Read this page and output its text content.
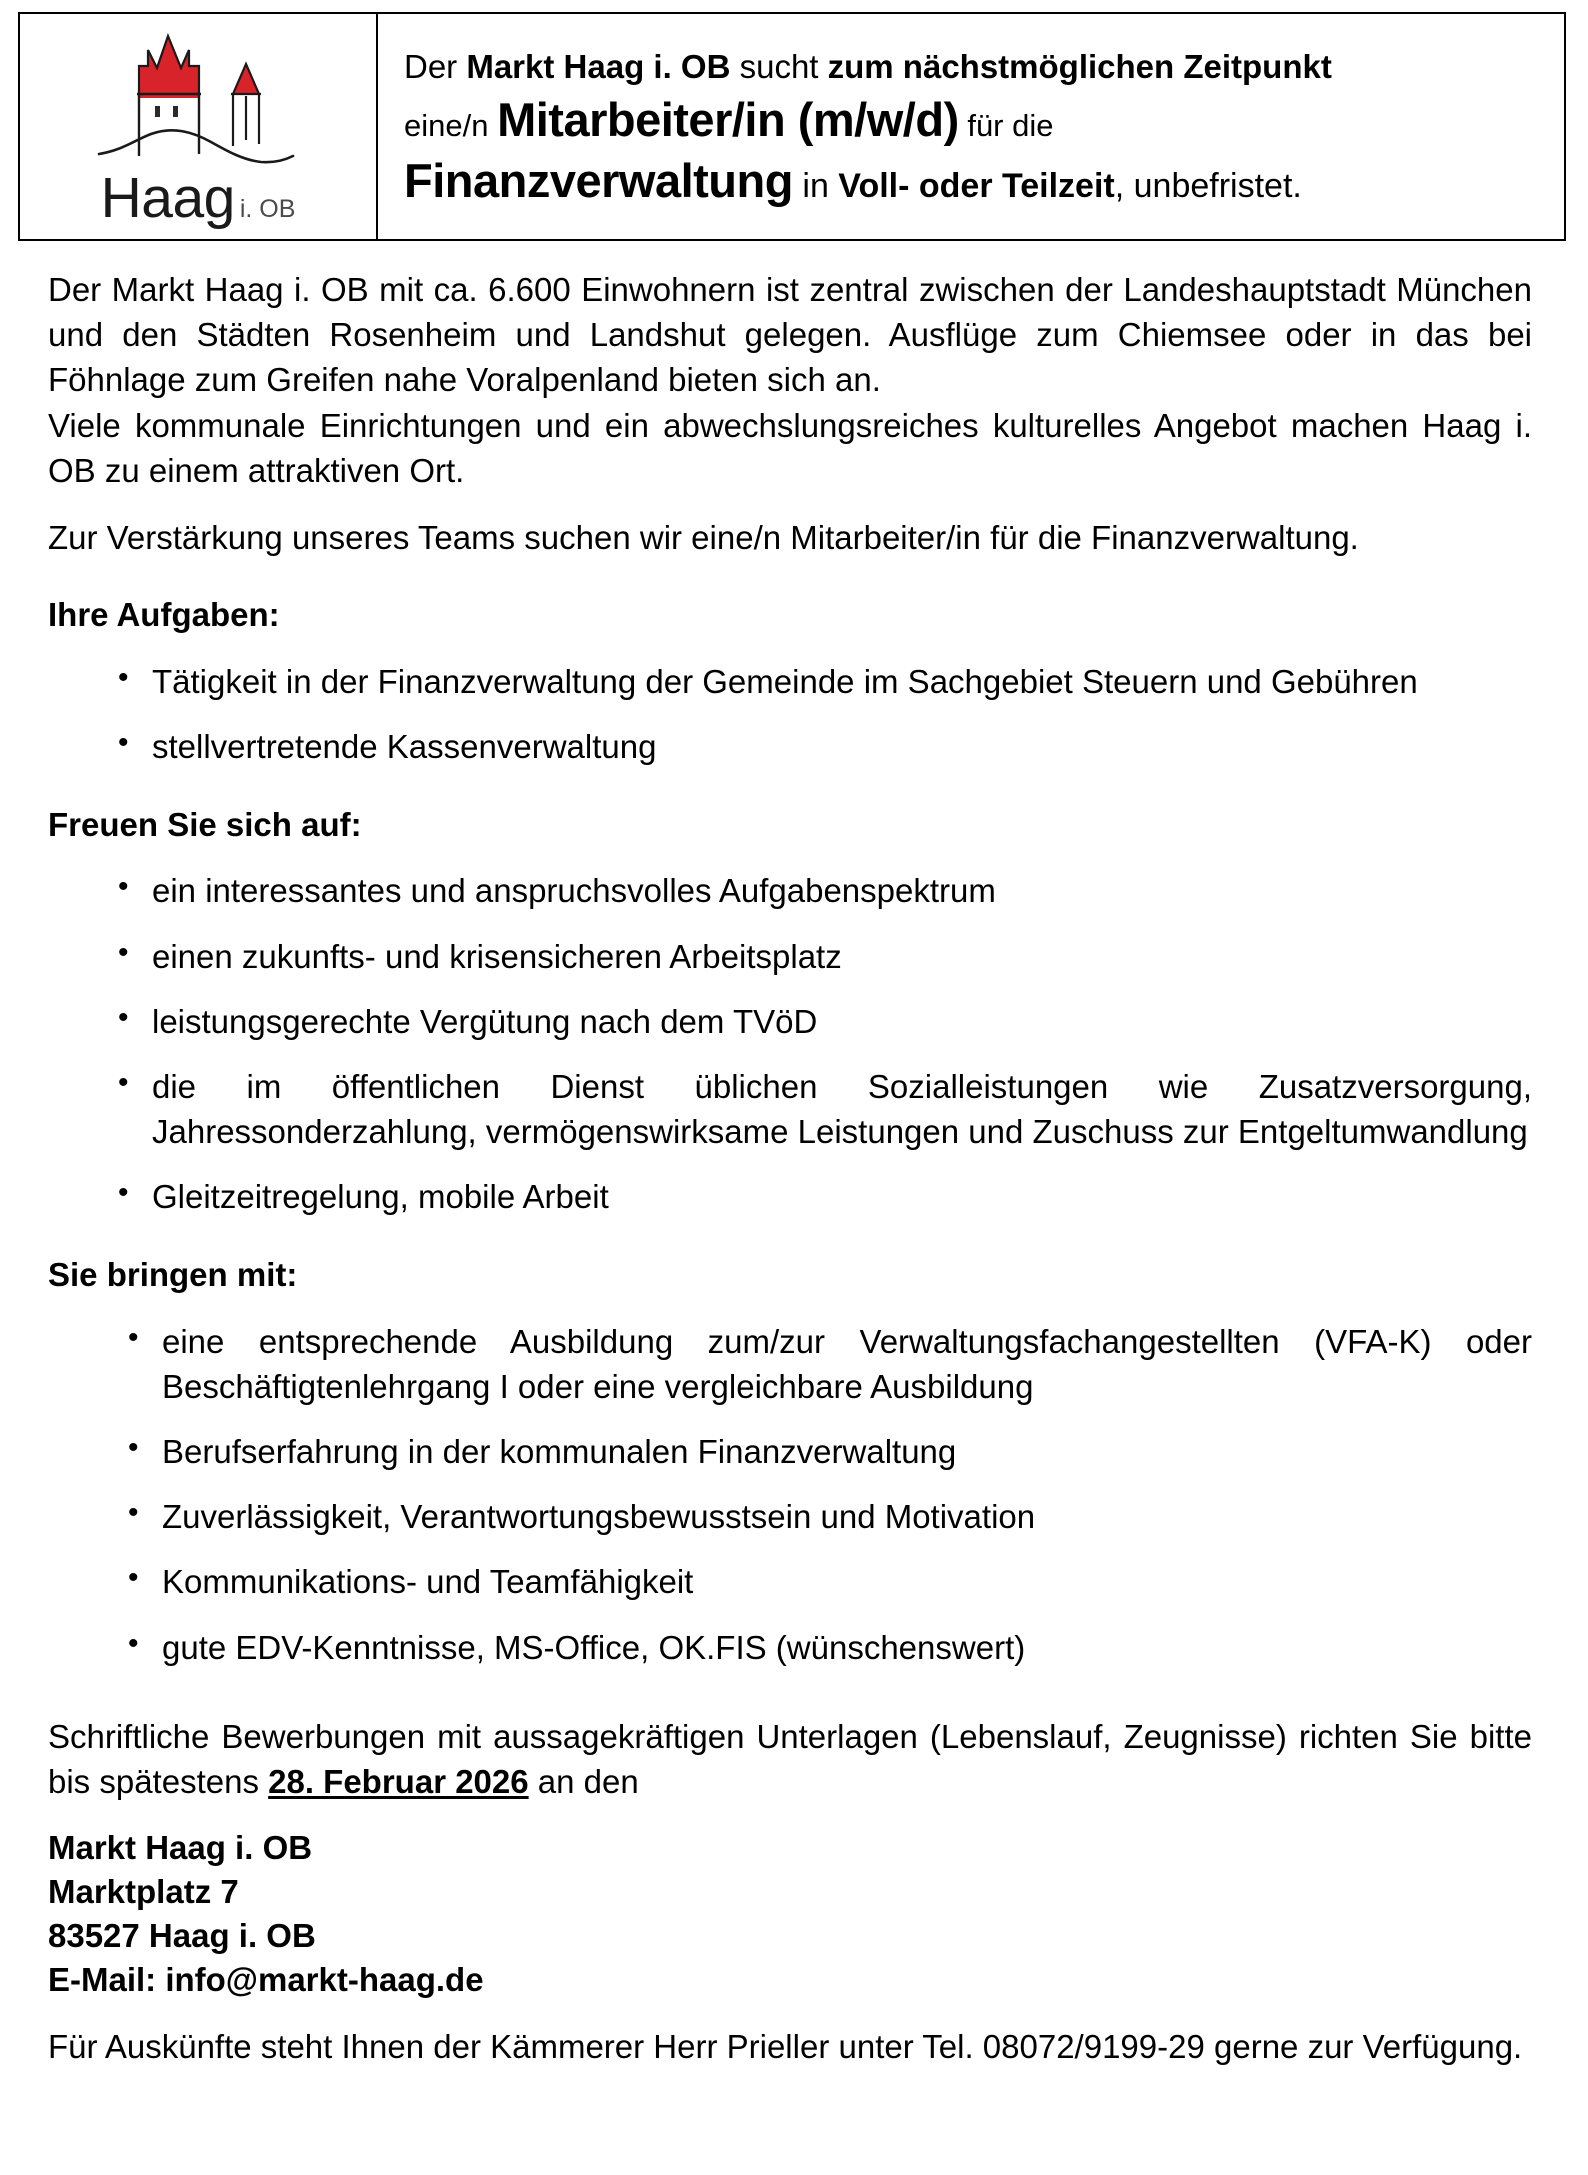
Haag i. OB
Der Markt Haag i. OB sucht zum nächstmöglichen Zeitpunkt
eine/n Mitarbeiter/in (m/w/d) für die
Finanzverwaltung in Voll- oder Teilzeit, unbefristet.

Der Markt Haag i. OB mit ca. 6.600 Einwohnern ist zentral zwischen der Landeshauptstadt München und den Städten Rosenheim und Landshut gelegen. Ausflüge zum Chiemsee oder in das bei Föhnlage zum Greifen nahe Voralpenland bieten sich an.

Viele kommunale Einrichtungen und ein abwechslungsreiches kulturelles Angebot machen Haag i. OB zu einem attraktiven Ort.

Zur Verstärkung unseres Teams suchen wir eine/n Mitarbeiter/in für die Finanzverwaltung.

Ihre Aufgaben:
• Tätigkeit in der Finanzverwaltung der Gemeinde im Sachgebiet Steuern und Gebühren
• stellvertretende Kassenverwaltung
Freuen Sie sich auf:
• ein interessantes und anspruchsvolles Aufgabenspektrum
• einen zukunfts- und krisensicheren Arbeitsplatz
• leistungsgerechte Vergütung nach dem TVöD
• die im öffentlichen Dienst üblichen Sozialleistungen wie Zusatzversorgung, Jahressonderzahlung, vermögenswirksame Leistungen und Zuschuss zur Entgeltumwandlung
• Gleitzeitregelung, mobile Arbeit
Sie bringen mit:
• eine entsprechende Ausbildung zum/zur Verwaltungsfachangestellten (VFA-K) oder Beschäftigtenlehrgang I oder eine vergleichbare Ausbildung
• Berufserfahrung in der kommunalen Finanzverwaltung
• Zuverlässigkeit, Verantwortungsbewusstsein und Motivation
• Kommunikations- und Teamfähigkeit
• gute EDV-Kenntnisse, MS-Office, OK.FIS (wünschenswert)

Schriftliche Bewerbungen mit aussagekräftigen Unterlagen (Lebenslauf, Zeugnisse) richten Sie bitte bis spätestens 28. Februar 2026 an den

Markt Haag i. OB

Marktplatz 7

83527 Haag i. OB

E-Mail: info@markt-haag.de

Für Auskünfte steht Ihnen der Kämmerer Herr Prieller unter Tel. 08072/9199-29 gerne zur Verfügung.
